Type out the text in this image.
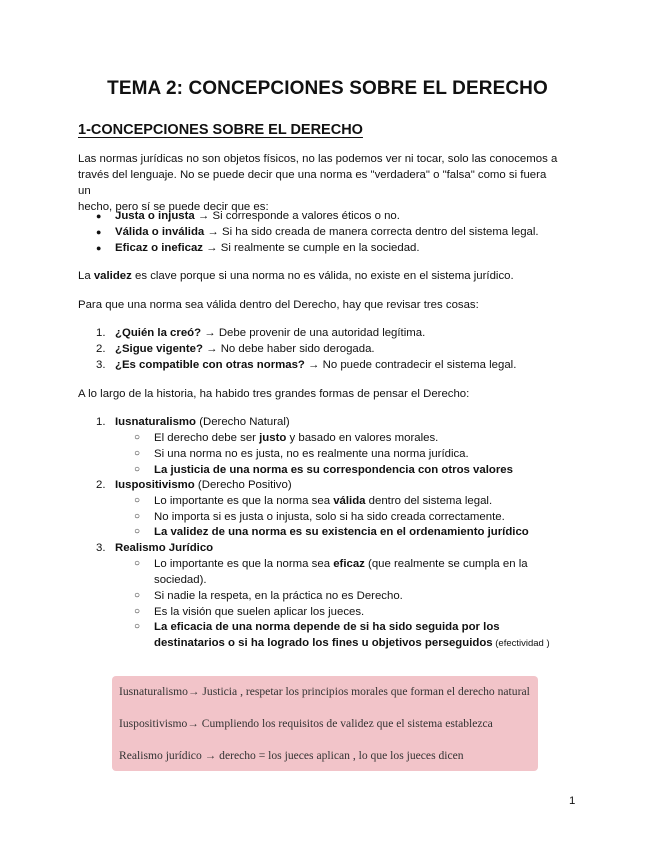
TEMA 2: CONCEPCIONES SOBRE EL DERECHO
1-CONCEPCIONES SOBRE EL DERECHO
Las normas jurídicas no son objetos físicos, no las podemos ver ni tocar, solo las conocemos a
través del lenguaje. No se puede decir que una norma es "verdadera" o "falsa" como si fuera un
hecho, pero sí se puede decir que es:
● Justa o injusta → Si corresponde a valores éticos o no.
● Válida o inválida → Si ha sido creada de manera correcta dentro del sistema legal.
● Eficaz o ineficaz → Si realmente se cumple en la sociedad.
La validez es clave porque si una norma no es válida, no existe en el sistema jurídico.
Para que una norma sea válida dentro del Derecho, hay que revisar tres cosas:
1. ¿Quién la creó? → Debe provenir de una autoridad legítima.
2. ¿Sigue vigente? → No debe haber sido derogada.
3. ¿Es compatible con otras normas? → No puede contradecir el sistema legal.
A lo largo de la historia, ha habido tres grandes formas de pensar el Derecho:
1. Iusnaturalismo (Derecho Natural)
○ El derecho debe ser justo y basado en valores morales.
○ Si una norma no es justa, no es realmente una norma jurídica.
○ La justicia de una norma es su correspondencia con otros valores
2. Iuspositivismo (Derecho Positivo)
○ Lo importante es que la norma sea válida dentro del sistema legal.
○ No importa si es justa o injusta, solo si ha sido creada correctamente.
○ La validez de una norma es su existencia en el ordenamiento jurídico
3. Realismo Jurídico
○ Lo importante es que la norma sea eficaz (que realmente se cumpla en la
sociedad).
○ Si nadie la respeta, en la práctica no es Derecho.
○ Es la visión que suelen aplicar los jueces.
○ La eficacia de una norma depende de si ha sido seguida por los
destinatarios o si ha logrado los fines u objetivos perseguidos (efectividad )
Iusnaturalismo→ Justicia , respetar los principios morales que forman el derecho natural
Iuspositivismo→ Cumpliendo los requisitos de validez que el sistema establezca
Realismo jurídico → derecho = los jueces aplican , lo que los jueces dicen
1
